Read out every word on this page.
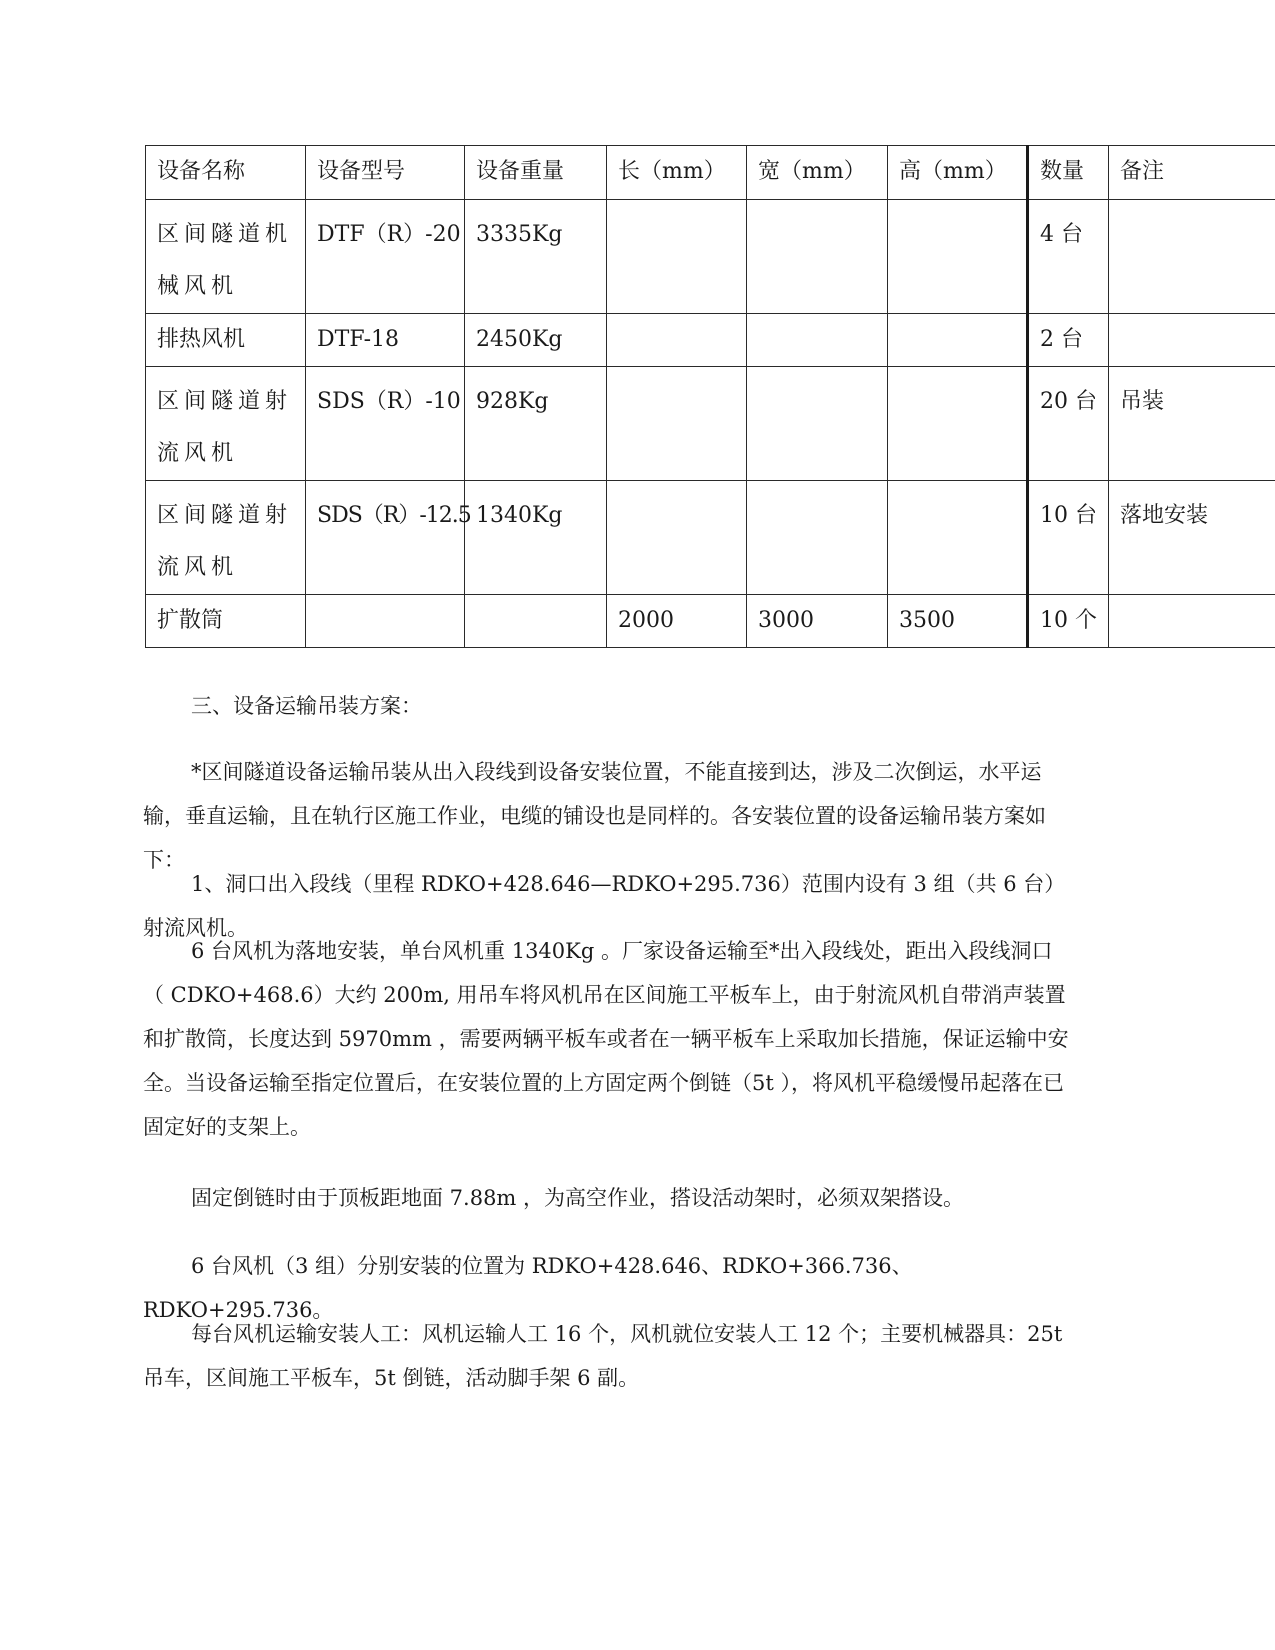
设备名称	设备型号	设备重量	长（mm）	宽（mm）	高（mm）	数量	备注
区间隧道机械风机	DTF（R）-20	3335Kg				4 台	
排热风机	DTF-18	2450Kg				2 台	
区间隧道射流风机	SDS（R）-10	928Kg				20 台	吊装
区间隧道射流风机	SDS（R）-12.5	1340Kg				10 台	落地安装
扩散筒			2000	3000	3500	10 个	

三、设备运输吊装方案：

*区间隧道设备运输吊装从出入段线到设备安装位置，不能直接到达，涉及二次倒运，水平运输，垂直运输，且在轨行区施工作业，电缆的铺设也是同样的。各安装位置的设备运输吊装方案如下：

1、洞口出入段线（里程 RDKO+428.646—RDKO+295.736）范围内设有 3 组（共 6 台）射流风机。

6 台风机为落地安装，单台风机重 1340Kg 。厂家设备运输至*出入段线处，距出入段线洞口（ CDKO+468.6）大约 200m, 用吊车将风机吊在区间施工平板车上，由于射流风机自带消声装置和扩散筒，长度达到 5970mm ，需要两辆平板车或者在一辆平板车上采取加长措施，保证运输中安全。当设备运输至指定位置后，在安装位置的上方固定两个倒链（5t ），将风机平稳缓慢吊起落在已固定好的支架上。

固定倒链时由于顶板距地面 7.88m ，为高空作业，搭设活动架时，必须双架搭设。

6 台风机（3 组）分别安装的位置为 RDKO+428.646、RDKO+366.736、RDKO+295.736。

每台风机运输安装人工：风机运输人工 16 个，风机就位安装人工 12 个；主要机械器具：25t 吊车，区间施工平板车，5t 倒链，活动脚手架 6 副。
